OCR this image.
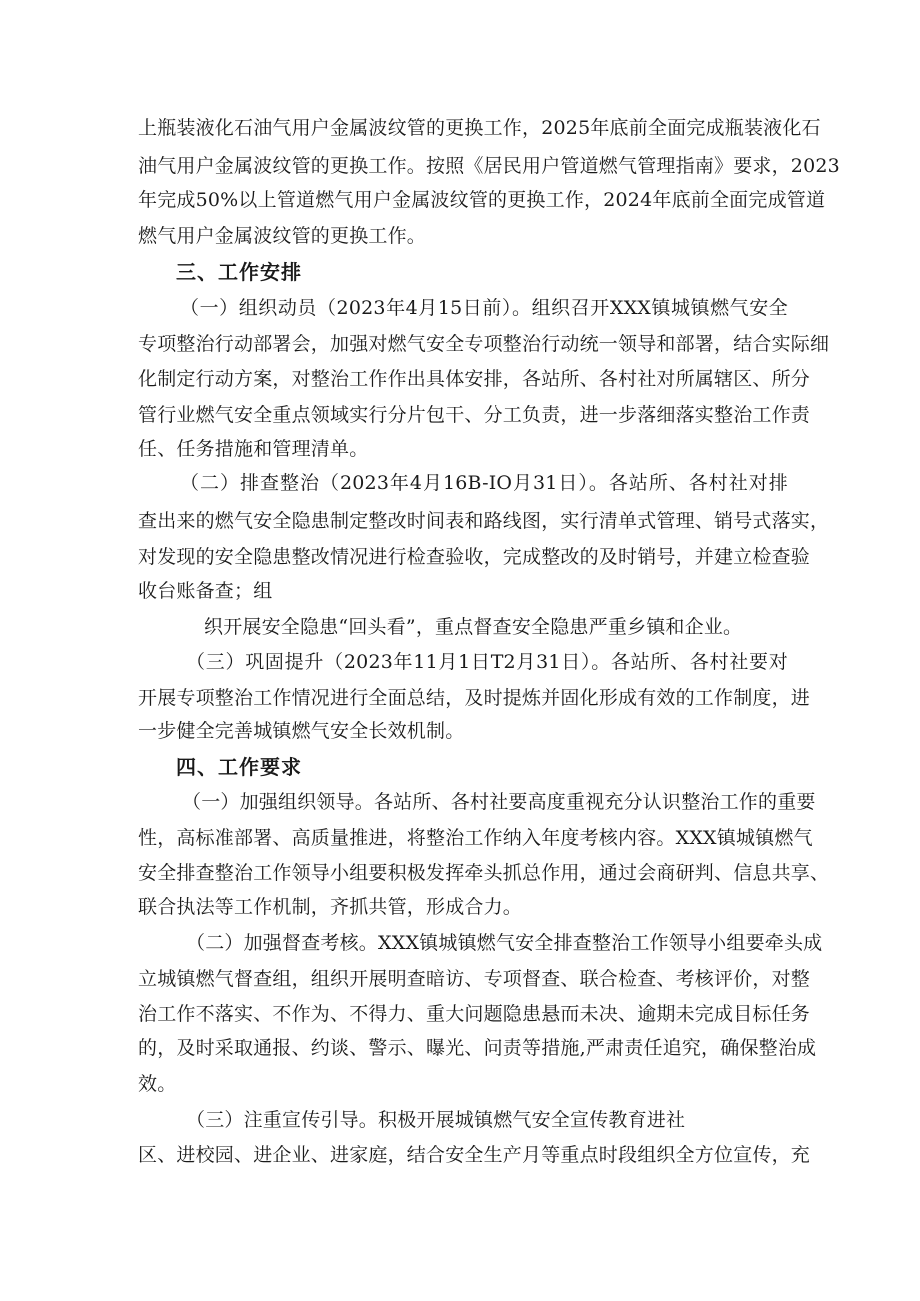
上瓶装液化石油气用户金属波纹管的更换工作，2025年底前全面完成瓶装液化石
油气用户金属波纹管的更换工作。按照《居民用户管道燃气管理指南》要求，2023
年完成50%以上管道燃气用户金属波纹管的更换工作，2024年底前全面完成管道
燃气用户金属波纹管的更换工作。
三、工作安排
（一）组织动员（2023年4月15日前）。组织召开XXX镇城镇燃气安全
专项整治行动部署会，加强对燃气安全专项整治行动统一领导和部署，结合实际细
化制定行动方案，对整治工作作出具体安排，各站所、各村社对所属辖区、所分
管行业燃气安全重点领域实行分片包干、分工负责，进一步落细落实整治工作责
任、任务措施和管理清单。
（二）排查整治（2023年4月16B-IO月31日）。各站所、各村社对排
查出来的燃气安全隐患制定整改时间表和路线图，实行清单式管理、销号式落实，
对发现的安全隐患整改情况进行检查验收，完成整改的及时销号，并建立检查验
收台账备查；组
织开展安全隐患“回头看”，重点督查安全隐患严重乡镇和企业。
（三）巩固提升（2023年11月1日T2月31日）。各站所、各村社要对
开展专项整治工作情况进行全面总结，及时提炼并固化形成有效的工作制度，进
一步健全完善城镇燃气安全长效机制。
四、工作要求
（一）加强组织领导。各站所、各村社要高度重视充分认识整治工作的重要
性，高标准部署、高质量推进，将整治工作纳入年度考核内容。XXX镇城镇燃气
安全排查整治工作领导小组要积极发挥牵头抓总作用，通过会商研判、信息共享、
联合执法等工作机制，齐抓共管，形成合力。
（二）加强督查考核。XXX镇城镇燃气安全排查整治工作领导小组要牵头成
立城镇燃气督查组，组织开展明查暗访、专项督查、联合检查、考核评价，对整
治工作不落实、不作为、不得力、重大问题隐患悬而未决、逾期未完成目标任务
的，及时采取通报、约谈、警示、曝光、问责等措施,严肃责任追究，确保整治成
效。
（三）注重宣传引导。积极开展城镇燃气安全宣传教育进社
区、进校园、进企业、进家庭，结合安全生产月等重点时段组织全方位宣传，充
